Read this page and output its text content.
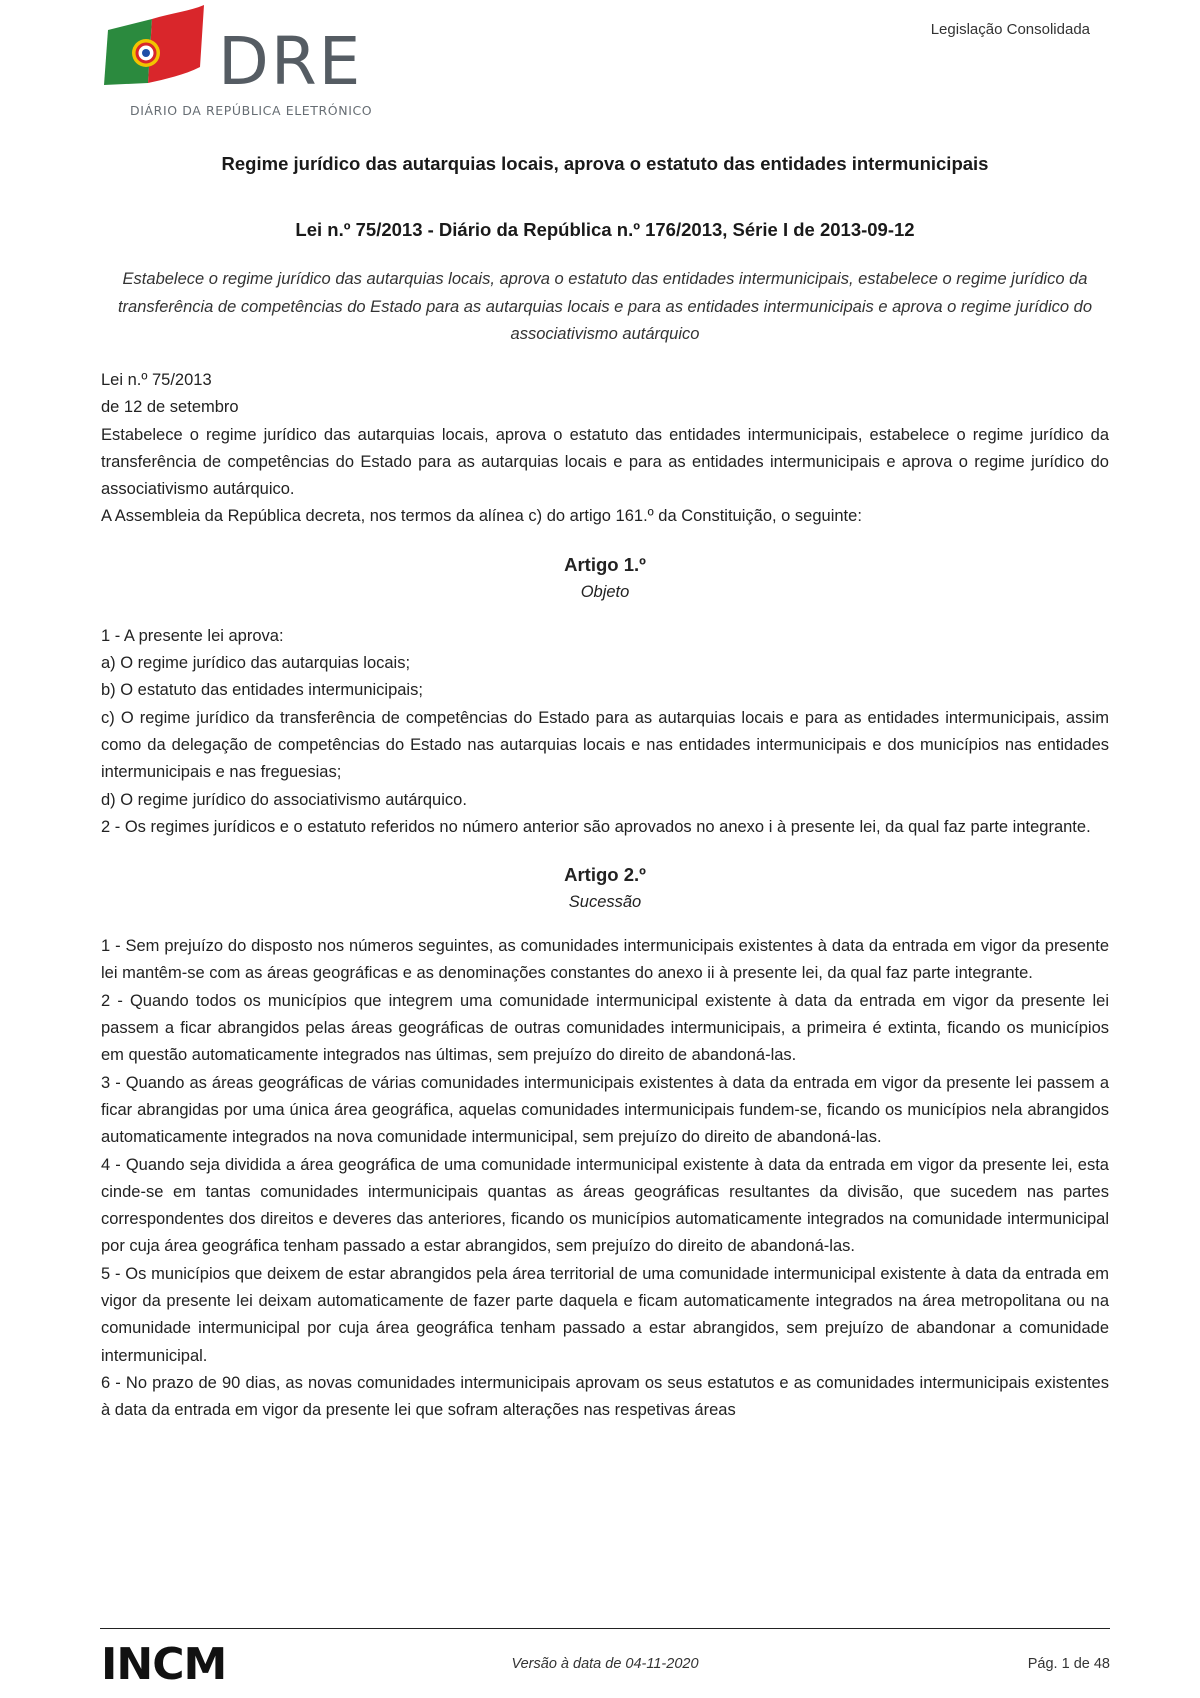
DRE
DIÁRIO DA REPÚBLICA ELETRÓNICO
Legislação Consolidada
Regime jurídico das autarquias locais, aprova o estatuto das entidades intermunicipais
Lei n.º 75/2013 - Diário da República n.º 176/2013, Série I de 2013-09-12
Estabelece o regime jurídico das autarquias locais, aprova o estatuto das entidades intermunicipais, estabelece o regime jurídico da transferência de competências do Estado para as autarquias locais e para as entidades intermunicipais e aprova o regime jurídico do associativismo autárquico

Lei n.º 75/2013

de 12 de setembro

Estabelece o regime jurídico das autarquias locais, aprova o estatuto das entidades intermunicipais, estabelece o regime jurídico da transferência de competências do Estado para as autarquias locais e para as entidades intermunicipais e aprova o regime jurídico do associativismo autárquico.

A Assembleia da República decreta, nos termos da alínea c) do artigo 161.º da Constituição, o seguinte:

Artigo 1.º
Objeto

1 - A presente lei aprova:

a) O regime jurídico das autarquias locais;

b) O estatuto das entidades intermunicipais;

c) O regime jurídico da transferência de competências do Estado para as autarquias locais e para as entidades intermunicipais, assim como da delegação de competências do Estado nas autarquias locais e nas entidades intermunicipais e dos municípios nas entidades intermunicipais e nas freguesias;

d) O regime jurídico do associativismo autárquico.

2 - Os regimes jurídicos e o estatuto referidos no número anterior são aprovados no anexo i à presente lei, da qual faz parte integrante.

Artigo 2.º
Sucessão

1 - Sem prejuízo do disposto nos números seguintes, as comunidades intermunicipais existentes à data da entrada em vigor da presente lei mantêm-se com as áreas geográficas e as denominações constantes do anexo ii à presente lei, da qual faz parte integrante.

2 - Quando todos os municípios que integrem uma comunidade intermunicipal existente à data da entrada em vigor da presente lei passem a ficar abrangidos pelas áreas geográficas de outras comunidades intermunicipais, a primeira é extinta, ficando os municípios em questão automaticamente integrados nas últimas, sem prejuízo do direito de abandoná-las.

3 - Quando as áreas geográficas de várias comunidades intermunicipais existentes à data da entrada em vigor da presente lei passem a ficar abrangidas por uma única área geográfica, aquelas comunidades intermunicipais fundem-se, ficando os municípios nela abrangidos automaticamente integrados na nova comunidade intermunicipal, sem prejuízo do direito de abandoná-las.

4 - Quando seja dividida a área geográfica de uma comunidade intermunicipal existente à data da entrada em vigor da presente lei, esta cinde-se em tantas comunidades intermunicipais quantas as áreas geográficas resultantes da divisão, que sucedem nas partes correspondentes dos direitos e deveres das anteriores, ficando os municípios automaticamente integrados na comunidade intermunicipal por cuja área geográfica tenham passado a estar abrangidos, sem prejuízo do direito de abandoná-las.

5 - Os municípios que deixem de estar abrangidos pela área territorial de uma comunidade intermunicipal existente à data da entrada em vigor da presente lei deixam automaticamente de fazer parte daquela e ficam automaticamente integrados na área metropolitana ou na comunidade intermunicipal por cuja área geográfica tenham passado a estar abrangidos, sem prejuízo de abandonar a comunidade intermunicipal.

6 - No prazo de 90 dias, as novas comunidades intermunicipais aprovam os seus estatutos e as comunidades intermunicipais existentes à data da entrada em vigor da presente lei que sofram alterações nas respetivas áreas

INCM	Versão à data de 04-11-2020	Pág. 1 de 48
